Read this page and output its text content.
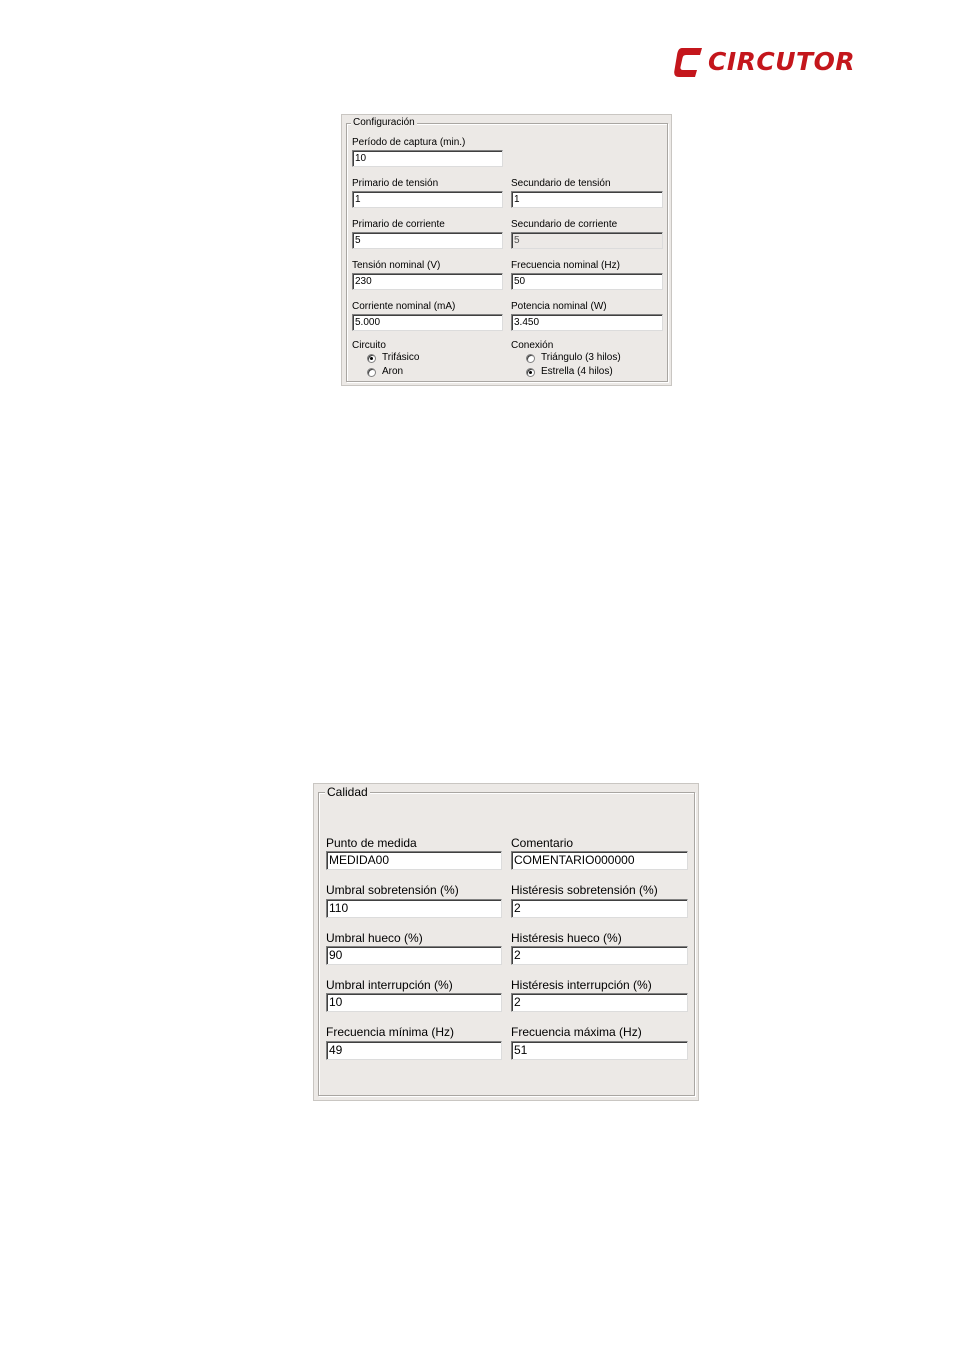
CIRCUTOR
Configuración
Período de captura (min.)
10
Primario de tensión
1
Secundario de tensión
1
Primario de corriente
5
Secundario de corriente
5
Tensión nominal (V)
230
Frecuencia nominal (Hz)
50
Corriente nominal (mA)
5.000
Potencia nominal (W)
3.450
Circuito
Trifásico
Aron
Conexión
Triángulo (3 hilos)
Estrella (4 hilos)
Calidad
Punto de medida
MEDIDA00
Comentario
COMENTARIO000000
Umbral sobretensión (%)
110
Histéresis sobretensión (%)
2
Umbral hueco (%)
90
Histéresis hueco (%)
2
Umbral interrupción (%)
10
Histéresis interrupción (%)
2
Frecuencia mínima (Hz)
49
Frecuencia máxima (Hz)
51
